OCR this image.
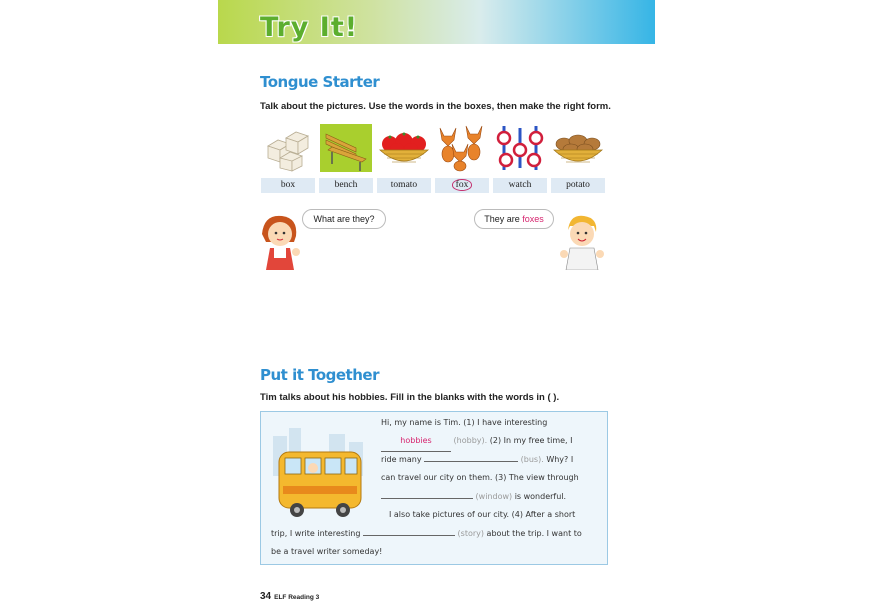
Try It!
Tongue Starter
Talk about the pictures. Use the words in the boxes, then make the right form.
box	bench	tomato	fox	watch	potato
What are they?	They are foxes
Put it Together
Tim talks about his hobbies. Fill in the blanks with the words in ( ).
Hi, my name is Tim. (1) I have interesting
hobbies	(hobby). (2) In my free time, I
ride many	(bus). Why? I
can travel our city on them. (3) The view through
(window) is wonderful.
I also take pictures of our city. (4) After a short
trip, I write interesting	(story) about the trip. I want to
be a travel writer someday!
34 ELF Reading 3
